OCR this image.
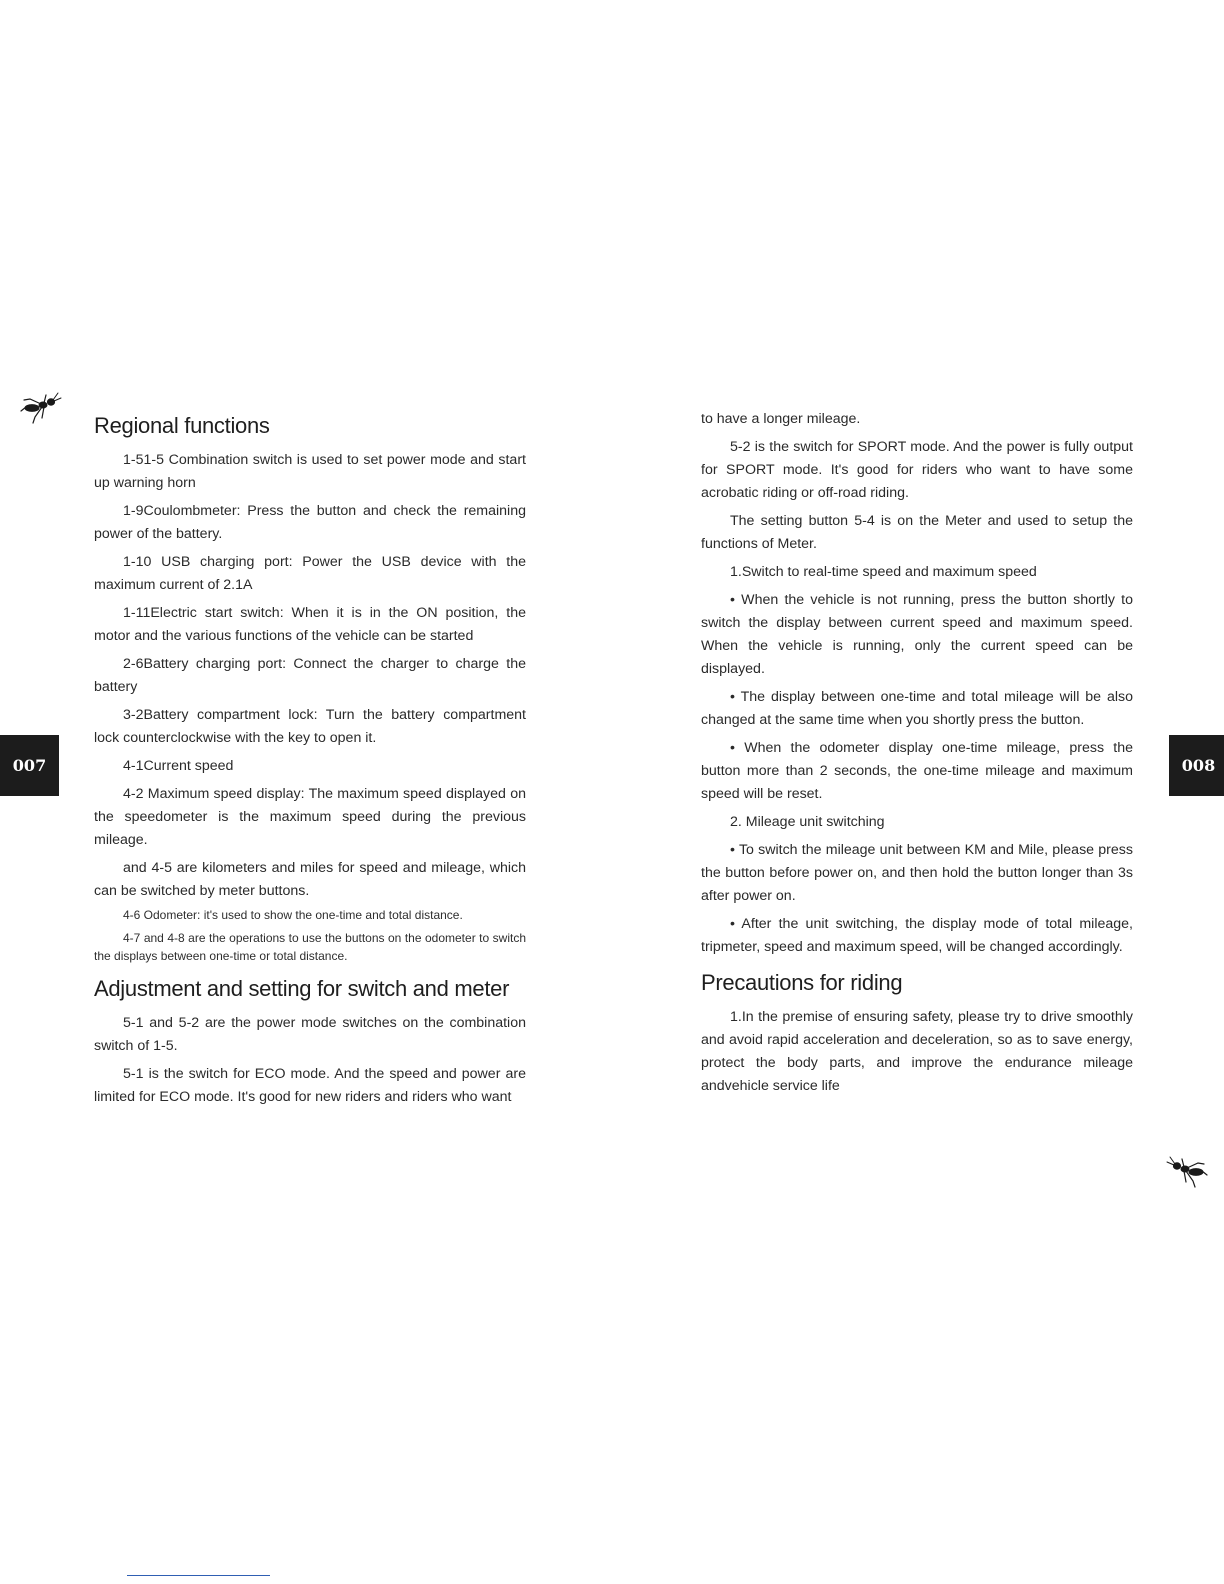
007	008
Regional functions

1-51-5 Combination switch is used to set power mode and start up warning horn

1-9Coulombmeter: Press the button and check the remaining power of the battery.

1-10 USB charging port: Power the USB device with the maximum current of 2.1A

1-11Electric start switch: When it is in the ON position, the motor and the various functions of the vehicle can be started

2-6Battery charging port: Connect the charger to charge the battery

3-2Battery compartment lock: Turn the battery compartment lock counterclockwise with the key to open it.

4-1Current speed

4-2 Maximum speed display: The maximum speed displayed on the speedometer is the maximum speed during the previous mileage.

and 4-5 are kilometers and miles for speed and mileage, which can be switched by meter buttons.

4-6 Odometer: it's used to show the one-time and total distance.

4-7 and 4-8 are the operations to use the buttons on the odometer to switch the displays between one-time or total distance.

Adjustment and setting for switch and meter

5-1 and 5-2 are the power mode switches on the combination switch of 1-5.

5-1 is the switch for ECO mode. And the speed and power are limited for ECO mode. It's good for new riders and riders who want

to have a longer mileage.

5-2 is the switch for SPORT mode. And the power is fully output for SPORT mode. It's good for riders who want to have some acrobatic riding or off-road riding.

The setting button 5-4 is on the Meter and used to setup the functions of Meter.

1.Switch to real-time speed and maximum speed

• When the vehicle is not running, press the button shortly to switch the display between current speed and maximum speed. When the vehicle is running, only the current speed can be displayed.

• The display between one-time and total mileage will be also changed at the same time when you shortly press the button.

• When the odometer display one-time mileage, press the button more than 2 seconds, the one-time mileage and maximum speed will be reset.

2. Mileage unit switching

• To switch the mileage unit between KM and Mile, please press the button before power on, and then hold the button longer than 3s after power on.

• After the unit switching, the display mode of total mileage, tripmeter, speed and maximum speed, will be changed accordingly.

Precautions for riding

1.In the premise of ensuring safety, please try to drive smoothly and avoid rapid acceleration and deceleration, so as to save energy, protect the body parts, and improve the endurance mileage andvehicle service life
